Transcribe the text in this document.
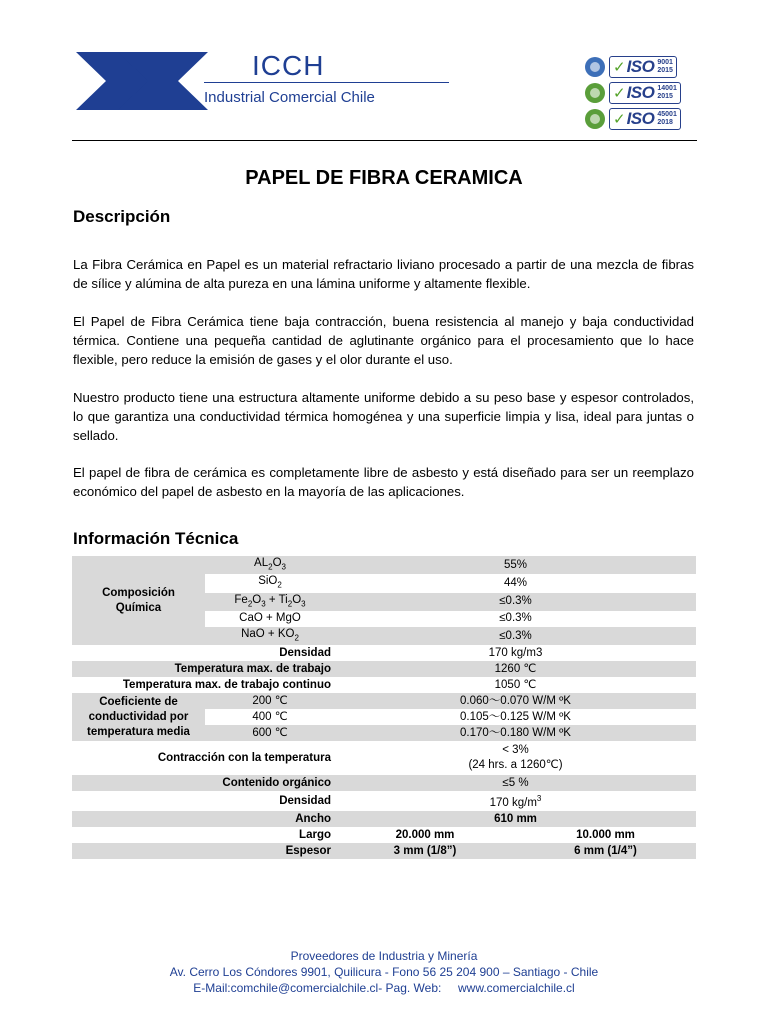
ICCH
Industrial Comercial Chile
✓ ISO 9001
2015
✓ ISO 14001
2015
✓ ISO 45001
2018
PAPEL DE FIBRA CERAMICA
Descripción

La Fibra Cerámica en Papel es un material refractario liviano procesado a partir de una mezcla de fibras de sílice y alúmina de alta pureza en una lámina uniforme y altamente flexible.

El Papel de Fibra Cerámica tiene baja contracción, buena resistencia al manejo y baja conductividad térmica. Contiene una pequeña cantidad de aglutinante orgánico para el procesamiento que lo hace flexible, pero reduce la emisión de gases y el olor durante el uso.

Nuestro producto tiene una estructura altamente uniforme debido a su peso base y espesor controlados, lo que garantiza una conductividad térmica homogénea y una superficie limpia y lisa, ideal para juntas o sellado.

El papel de fibra de cerámica es completamente libre de asbesto y está diseñado para ser un reemplazo económico del papel de asbesto en la mayoría de las aplicaciones.

Información Técnica
Composición
Química	$AL_2O_3$	55%	
	SiO$_2$	44%	
	$Fe_2O_3 + Ti_2O_3$	≤0.3%	
	CaO + MgO	≤0.3%	
	NaO + $KO_2$	≤0.3%	
Densidad		170 kg/m3	
Temperatura max. de trabajo		1260 ℃	
Temperatura max. de trabajo continuo		1050 ℃	
Coeficiente de
conductividad por
temperatura media	200 ℃	0.060～0.070 W/M ºK	
	400 ℃	0.105～0.125 W/M ºK	
	600 ℃	0.170～0.180 W/M ºK	
Contracción con la temperatura		< 3%
(24 hrs. a 1260℃)	
Contenido orgánico		≤5 %	
Densidad		170 $kg/m^3$
Ancho		610 mm	
Largo		20.000 mm	10.000 mm
Espesor		3 mm (1/8”)	6 mm (1/4”)
Proveedores de Industria y Minería
Av. Cerro Los Cóndores 9901, Quilicura - Fono 56 25 204 900 – Santiago - Chile
E-Mail:comchile@comercialchile.cl- Pag. Web:     www.comercialchile.cl
